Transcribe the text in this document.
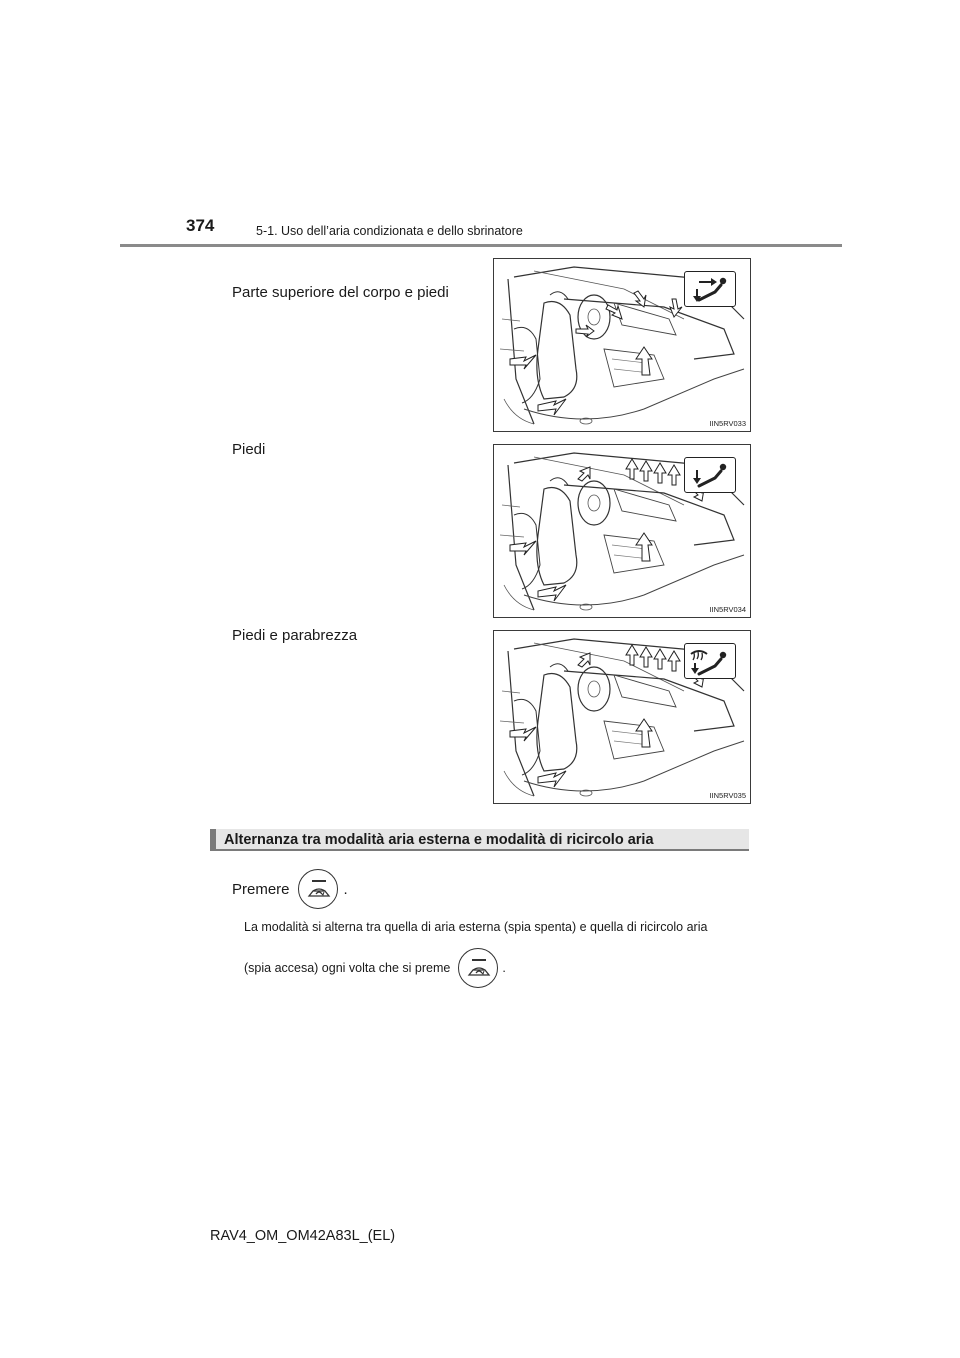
374	5-1. Uso dell’aria condizionata e dello sbrinatore
Parte superiore del corpo e piedi
IIN5RV033
Piedi
IIN5RV034
Piedi e parabrezza
IIN5RV035
Alternanza tra modalità aria esterna e modalità di ricircolo aria
Premere	.
La modalità si alterna tra quella di aria esterna (spia spenta) e quella di ricircolo aria
(spia accesa) ogni volta che si preme	.
RAV4_OM_OM42A83L_(EL)
